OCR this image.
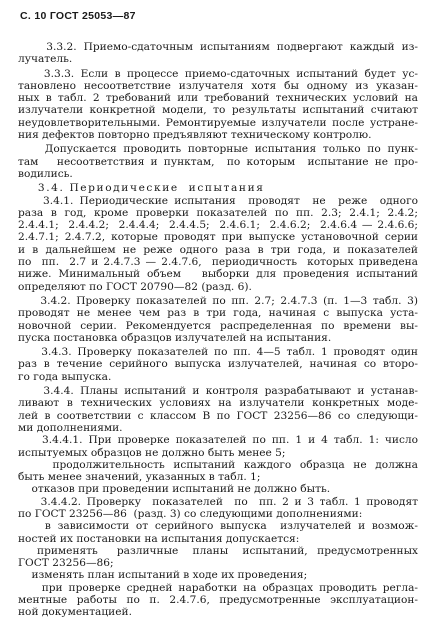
С. 10 ГОСТ 25053—87
3.3.2. Приемо-сдаточным испытаниям подвергают каждый из-
лучатель.
3.3.3. Если в процессе приемо-сдаточных испытаний будет ус-
тановлено несоответствие излучателя хотя бы одному из указан-
ных в табл. 2 требований или требований технических условий на
излучатели конкретной модели, то результаты испытаний считают
неудовлетворительными. Ремонтируемые излучатели после устране-
ния дефектов повторно предъявляют техническому контролю.
Допускается проводить повторные испытания только по пунк-
там   несоответствия и пунктам,  по которым  испытание не про-
водились.
3.4. Периодические  испытания
3.4.1. Периодические испытания  проводят  не  реже  одного
раза в год, кроме проверки показателей по пп. 2.3; 2.4.1; 2.4.2;
2.4.4.1;  2.4.4.2;  2.4.4.4;  2.4.4.5;  2.4.6.1;  2.4.6.2;  2.4.6.4 — 2.4.6.6;
2.4.7.1; 2.4.7.2, которые проводят при выпуске установочной серии
и в дальнейшем не реже одного раза в три года, и показателей
по  пп.  2.7 и 2.4.7.3 — 2.4.7.6,  периодичность  которых приведена
ниже. Минимальный объем   выборки для проведения испытаний
определяют по ГОСТ 20790—82 (разд. 6).
3.4.2. Проверку показателей по пп. 2.7; 2.4.7.3 (п. 1—3 табл. 3)
проводят не менее чем раз в три года, начиная с выпуска уста-
новочной серии. Рекомендуется распределенная по времени вы-
пуска постановка образцов излучателей на испытания.
3.4.3. Проверку показателей по пп. 4—5 табл. 1 проводят один
раз в течение серийного выпуска излучателей, начиная со второ-
го года выпуска.
3.4.4. Планы испытаний и контроля разрабатывают и устанав-
ливают в технических условиях на излучатели конкретных моде-
лей в соответствии с классом В по ГОСТ 23256—86 со следующи-
ми дополнениями.
3.4.4.1. При проверке показателей по пп. 1 и 4 табл. 1: число
испытуемых образцов не должно быть менее 5;
продолжительность испытаний каждого образца не должна
быть менее значений, указанных в табл. 1;
отказов при проведении испытаний не должно быть.
3.4.4.2. Проверку  показателей  по  пп. 2 и 3 табл. 1 проводят
по ГОСТ 23256—86  (разд. 3) со следующими дополнениями:
в зависимости от серийного выпуска  излучателей и возмож-
ностей их постановки на испытания допускается:
применять    различные   планы   испытаний,  предусмотренных
ГОСТ 23256—86;
изменять план испытаний в ходе их проведения;
при проверке средней наработки на образцах проводить регла-
ментные работы по п. 2.4.7.6, предусмотренные эксплуатацион-
ной документацией.
